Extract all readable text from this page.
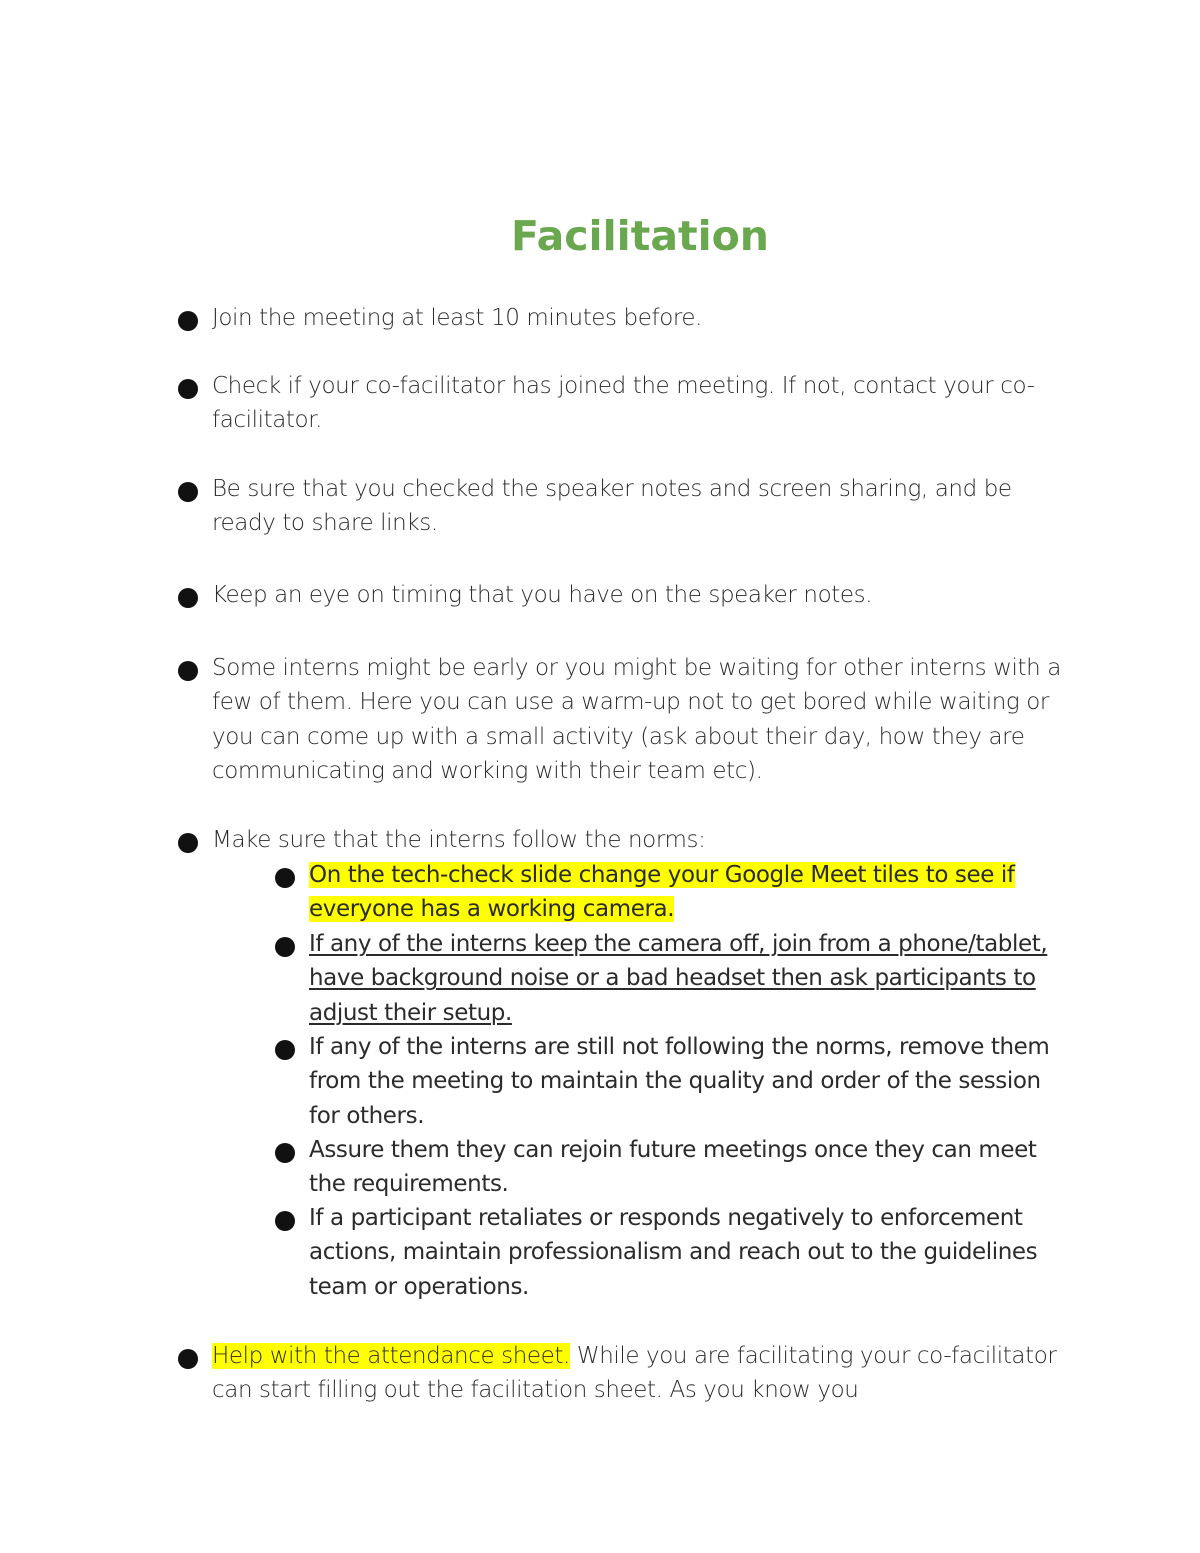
Facilitation
Join the meeting at least 10 minutes before.
Check if your co-facilitator has joined the meeting. If not, contact your co-facilitator.
Be sure that you checked the speaker notes and screen sharing, and be ready to share links.
Keep an eye on timing that you have on the speaker notes.
Some interns might be early or you might be waiting for other interns with a few of them. Here you can use a warm-up not to get bored while waiting or you can come up with a small activity (ask about their day, how they are communicating and working with their team etc).
Make sure that the interns follow the norms:
On the tech-check slide change your Google Meet tiles to see if everyone has a working camera.
If any of the interns keep the camera off, join from a phone/tablet, have background noise or a bad headset then ask participants to adjust their setup.
If any of the interns are still not following the norms, remove them from the meeting to maintain the quality and order of the session for others.
Assure them they can rejoin future meetings once they can meet the requirements.
If a participant retaliates or responds negatively to enforcement actions, maintain professionalism and reach out to the guidelines team or operations.
Help with the attendance sheet. While you are facilitating your co-facilitator can start filling out the facilitation sheet. As you know you
